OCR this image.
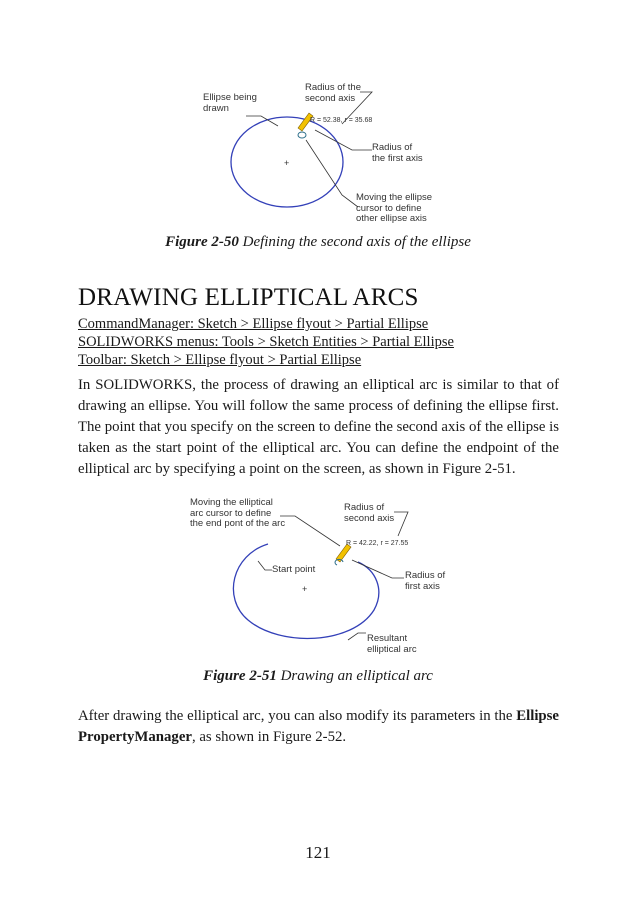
+
R = 52.38, r = 35.68
Ellipse being
drawn
Radius of the
second axis
Radius of
the first axis
Moving the ellipse
cursor to define
other ellipse axis
Figure 2-50 Defining the second axis of the ellipse
DRAWING ELLIPTICAL ARCS
CommandManager: Sketch > Ellipse flyout > Partial Ellipse
SOLIDWORKS menus: Tools > Sketch Entities > Partial Ellipse
Toolbar: Sketch > Ellipse flyout > Partial Ellipse
In SOLIDWORKS, the process of drawing an elliptical arc is similar to that of drawing an ellipse. You will follow the same process of defining the ellipse first. The point that you specify on the screen to define the second axis of the ellipse is taken as the start point of the elliptical arc. You can define the endpoint of the elliptical arc by specifying a point on the screen, as shown in Figure 2-51.
+
R = 42.22, r = 27.55
Moving the elliptical
arc cursor to define
the end pont of the arc
Radius of
second axis
Start point
Radius of
first axis
Resultant
elliptical arc
Figure 2-51 Drawing an elliptical arc
After drawing the elliptical arc, you can also modify its parameters in the Ellipse PropertyManager, as shown in Figure 2-52.
121
